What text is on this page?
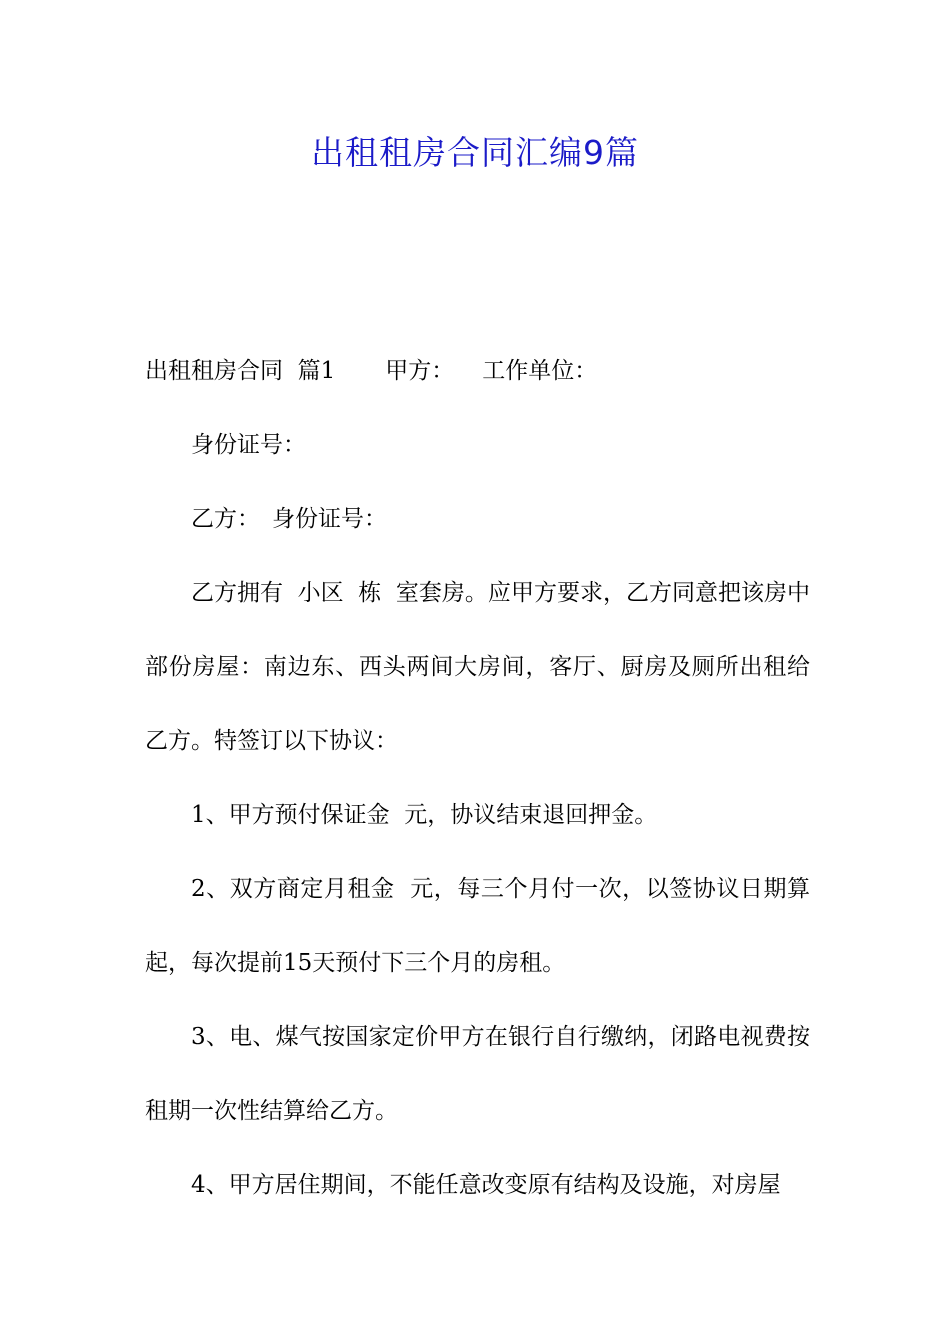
出租租房合同汇编9篇

出租租房合同  篇1 甲方： 工作单位：

身份证号：

乙方： 身份证号：

乙方拥有  小区  栋  室套房。应甲方要求，乙方同意把该房中部份房屋：南边东、西头两间大房间，客厅、厨房及厕所出租给乙方。特签订以下协议：

1、甲方预付保证金  元，协议结束退回押金。

2、双方商定月租金  元，每三个月付一次，以签协议日期算起，每次提前15天预付下三个月的房租。

3、电、煤气按国家定价甲方在银行自行缴纳，闭路电视费按租期一次性结算给乙方。

4、甲方居住期间，不能任意改变原有结构及设施，对房屋
